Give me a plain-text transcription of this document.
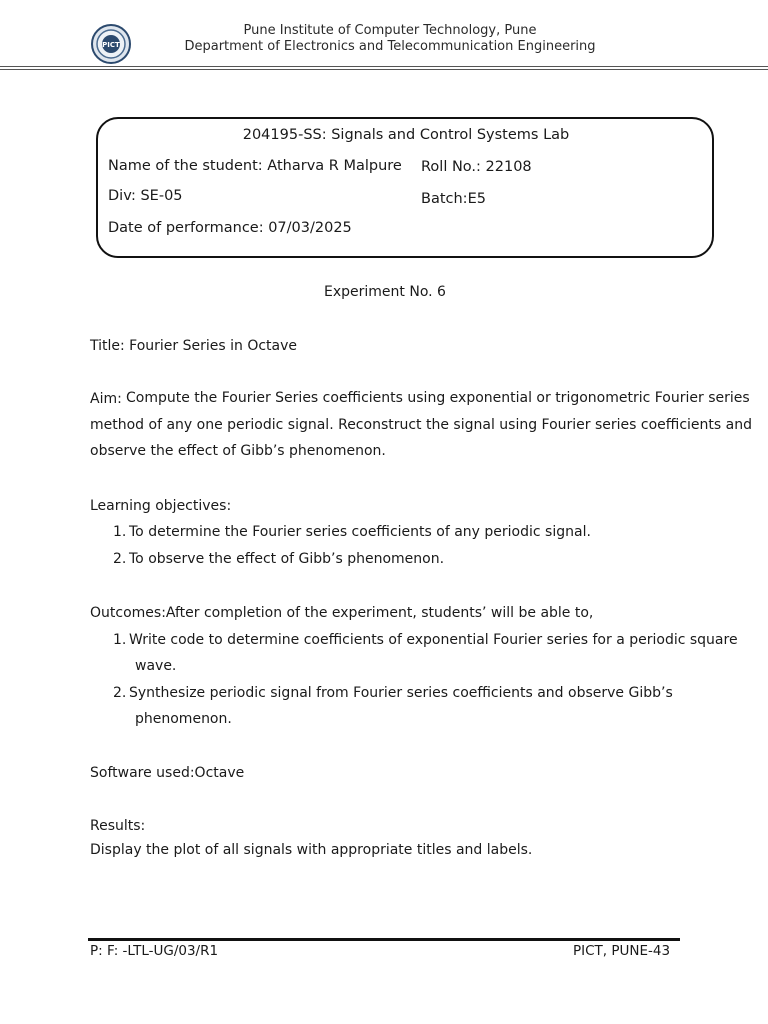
PICT
Pune Institute of Computer Technology, Pune
Department of Electronics and Telecommunication Engineering
204195-SS: Signals and Control Systems Lab
Name of the student: Atharva R Malpure Roll No.: 22108
Div: SE-05	Batch:E5
Date of performance: 07/03/2025
Experiment No. 6
Title: Fourier Series in Octave
Aim: Compute the Fourier Series coefficients using exponential or trigonometric Fourier series
method of any one periodic signal. Reconstruct the signal using Fourier series coefficients and
observe the effect of Gibb’s phenomenon.
Learning objectives:
1. To determine the Fourier series coefficients of any periodic signal.
2. To observe the effect of Gibb’s phenomenon.
Outcomes:After completion of the experiment, students’ will be able to,
1. Write code to determine coefficients of exponential Fourier series for a periodic square
wave.
2. Synthesize periodic signal from Fourier series coefficients and observe Gibb’s
phenomenon.
Software used:Octave
Results:
Display the plot of all signals with appropriate titles and labels.
P: F: -LTL-UG/03/R1	PICT, PUNE-43
